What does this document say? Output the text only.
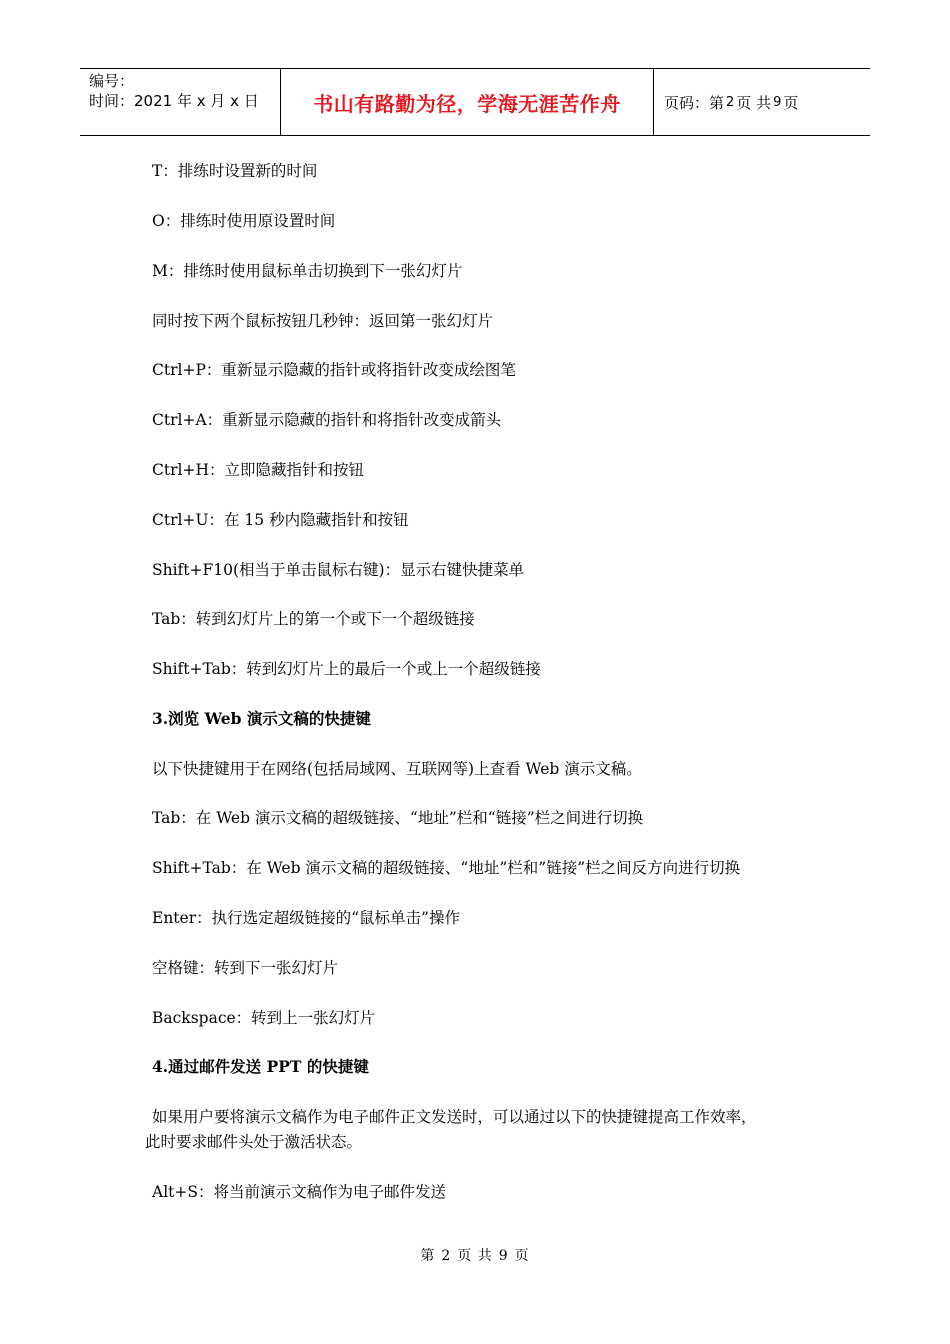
编号：
时间：2021 年 x 月 x 日	书山有路勤为径，学海无涯苦作舟	页码：第 2 页 共 9 页
T：排练时设置新的时间
O：排练时使用原设置时间
M：排练时使用鼠标单击切换到下一张幻灯片
同时按下两个鼠标按钮几秒钟：返回第一张幻灯片
Ctrl+P：重新显示隐藏的指针或将指针改变成绘图笔
Ctrl+A：重新显示隐藏的指针和将指针改变成箭头
Ctrl+H：立即隐藏指针和按钮
Ctrl+U：在 15 秒内隐藏指针和按钮
Shift+F10(相当于单击鼠标右键)：显示右键快捷菜单
Tab：转到幻灯片上的第一个或下一个超级链接
Shift+Tab：转到幻灯片上的最后一个或上一个超级链接
3.浏览 Web 演示文稿的快捷键
以下快捷键用于在网络(包括局域网、互联网等)上查看 Web 演示文稿。
Tab：在 Web 演示文稿的超级链接、“地址”栏和“链接”栏之间进行切换
Shift+Tab：在 Web 演示文稿的超级链接、“地址”栏和”链接”栏之间反方向进行切换
Enter：执行选定超级链接的“鼠标单击”操作
空格键：转到下一张幻灯片
Backspace：转到上一张幻灯片
4.通过邮件发送 PPT 的快捷键
如果用户要将演示文稿作为电子邮件正文发送时，可以通过以下的快捷键提高工作效率，
此时要求邮件头处于激活状态。
Alt+S：将当前演示文稿作为电子邮件发送
第 2 页 共 9 页
